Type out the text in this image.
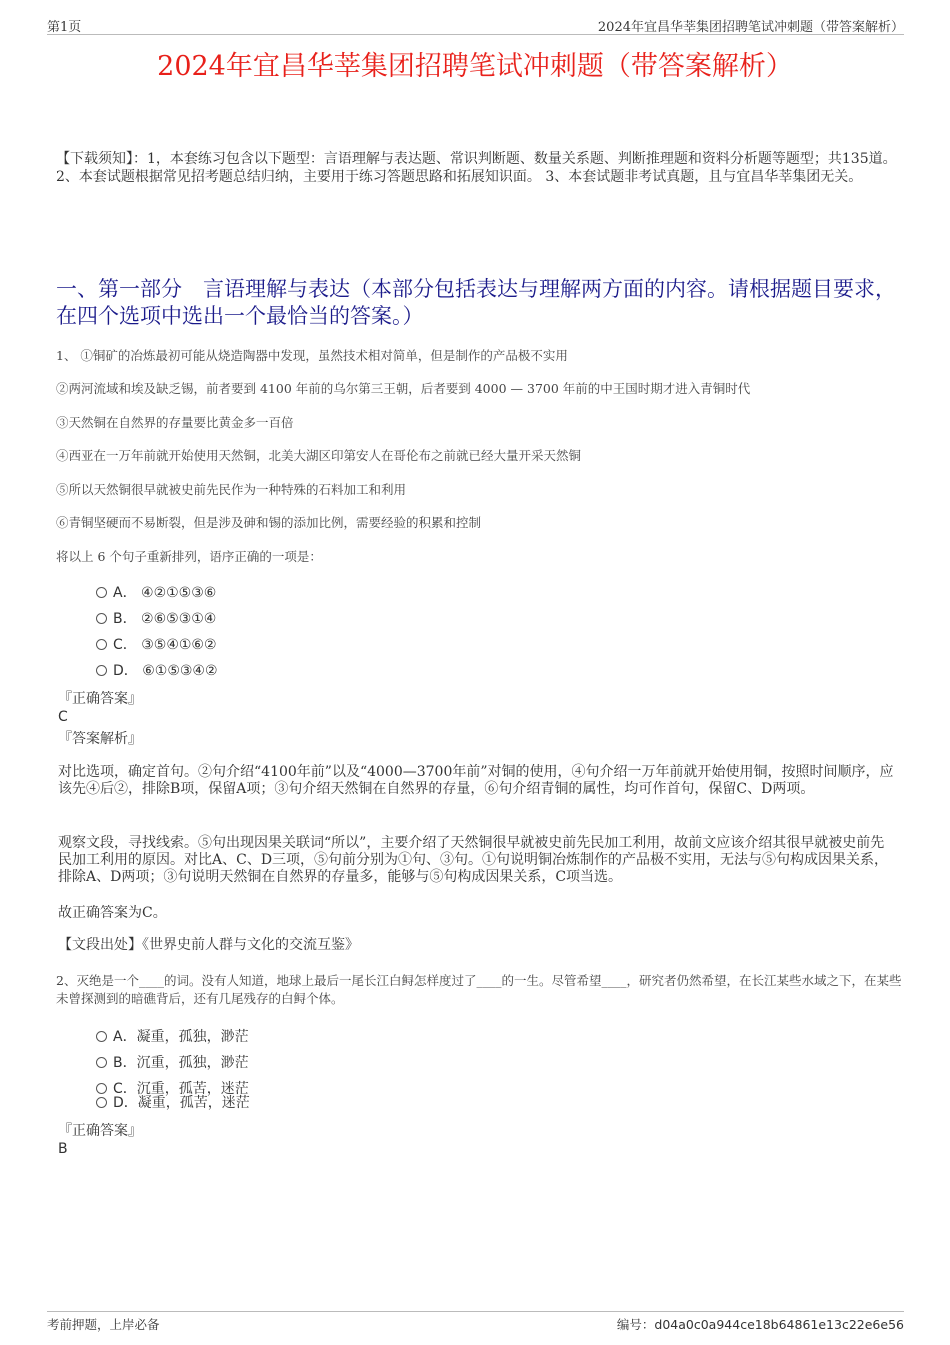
第1页	2024年宜昌华莘集团招聘笔试冲刺题（带答案解析）
2024年宜昌华莘集团招聘笔试冲刺题（带答案解析）
【下载须知】：1，本套练习包含以下题型：言语理解与表达题、常识判断题、数量关系题、判断推理题和资料分析题等题型；共135道。 2、本套试题根据常见招考题总结归纳，主要用于练习答题思路和拓展知识面。 3、本套试题非考试真题，且与宜昌华莘集团无关。
一、第一部分　言语理解与表达（本部分包括表达与理解两方面的内容。请根据题目要求，在四个选项中选出一个最恰当的答案。）
1、 ①铜矿的冶炼最初可能从烧造陶器中发现，虽然技术相对简单，但是制作的产品极不实用
②两河流域和埃及缺乏锡，前者要到 4100 年前的乌尔第三王朝，后者要到 4000 — 3700 年前的中王国时期才进入青铜时代
③天然铜在自然界的存量要比黄金多一百倍
④西亚在一万年前就开始使用天然铜，北美大湖区印第安人在哥伦布之前就已经大量开采天然铜
⑤所以天然铜很早就被史前先民作为一种特殊的石料加工和利用
⑥青铜坚硬而不易断裂，但是涉及砷和锡的添加比例，需要经验的积累和控制
将以上 6 个句子重新排列，语序正确的一项是：
A． ④②①⑤③⑥
B． ②⑥⑤③①④
C． ③⑤④①⑥②
D． ⑥①⑤③④②
『正确答案』
C
『答案解析』
对比选项，确定首句。②句介绍“4100年前”以及“4000—3700年前”对铜的使用，④句介绍一万年前就开始使用铜，按照时间顺序，应该先④后②，排除B项，保留A项；③句介绍天然铜在自然界的存量，⑥句介绍青铜的属性，均可作首句，保留C、D两项。
观察文段，寻找线索。⑤句出现因果关联词“所以”，主要介绍了天然铜很早就被史前先民加工利用，故前文应该介绍其很早就被史前先民加工利用的原因。对比A、C、D三项，⑤句前分别为①句、③句。①句说明铜冶炼制作的产品极不实用，无法与⑤句构成因果关系，排除A、D两项；③句说明天然铜在自然界的存量多，能够与⑤句构成因果关系，C项当选。
故正确答案为C。
【文段出处】《世界史前人群与文化的交流互鉴》
2、灭绝是一个____的词。没有人知道，地球上最后一尾长江白鲟怎样度过了____的一生。尽管希望____，研究者仍然希望，在长江某些水域之下，在某些未曾探测到的暗礁背后，还有几尾残存的白鲟个体。
A．凝重，孤独，渺茫
B．沉重，孤独，渺茫
C．沉重，孤苦，迷茫
D．凝重，孤苦，迷茫
『正确答案』
B
考前押题，上岸必备	编号：d04a0c0a944ce18b64861e13c22e6e56
